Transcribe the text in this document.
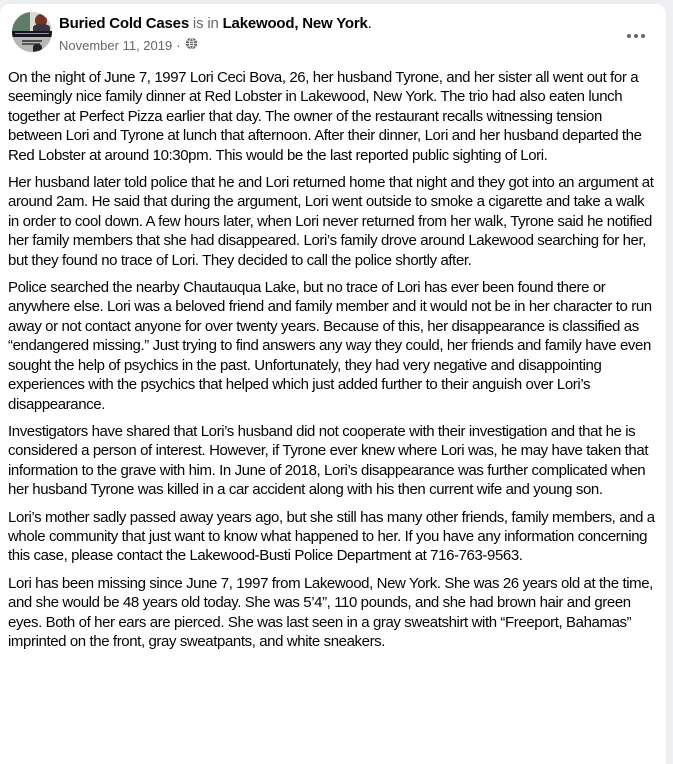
Buried Cold Cases is in Lakewood, New York.
November 11, 2019 ·

On the night of June 7, 1997 Lori Ceci Bova, 26, her husband Tyrone, and her sister all went out for a seemingly nice family dinner at Red Lobster in Lakewood, New York. The trio had also eaten lunch together at Perfect Pizza earlier that day. The owner of the restaurant recalls witnessing tension between Lori and Tyrone at lunch that afternoon. After their dinner, Lori and her husband departed the Red Lobster at around 10:30pm. This would be the last reported public sighting of Lori.

Her husband later told police that he and Lori returned home that night and they got into an argument at around 2am. He said that during the argument, Lori went outside to smoke a cigarette and take a walk in order to cool down. A few hours later, when Lori never returned from her walk, Tyrone said he notified her family members that she had disappeared. Lori’s family drove around Lakewood searching for her, but they found no trace of Lori. They decided to call the police shortly after.

Police searched the nearby Chautauqua Lake, but no trace of Lori has ever been found there or anywhere else. Lori was a beloved friend and family member and it would not be in her character to run away or not contact anyone for over twenty years. Because of this, her disappearance is classified as “endangered missing.” Just trying to find answers any way they could, her friends and family have even sought the help of psychics in the past. Unfortunately, they had very negative and disappointing experiences with the psychics that helped which just added further to their anguish over Lori’s disappearance.

Investigators have shared that Lori’s husband did not cooperate with their investigation and that he is considered a person of interest. However, if Tyrone ever knew where Lori was, he may have taken that information to the grave with him. In June of 2018, Lori’s disappearance was further complicated when her husband Tyrone was killed in a car accident along with his then current wife and young son.

Lori’s mother sadly passed away years ago, but she still has many other friends, family members, and a whole community that just want to know what happened to her. If you have any information concerning this case, please contact the Lakewood-Busti Police Department at 716-763-9563.

Lori has been missing since June 7, 1997 from Lakewood, New York. She was 26 years old at the time, and she would be 48 years old today. She was 5’4”, 110 pounds, and she had brown hair and green eyes. Both of her ears are pierced. She was last seen in a gray sweatshirt with “Freeport, Bahamas” imprinted on the front, gray sweatpants, and white sneakers.
